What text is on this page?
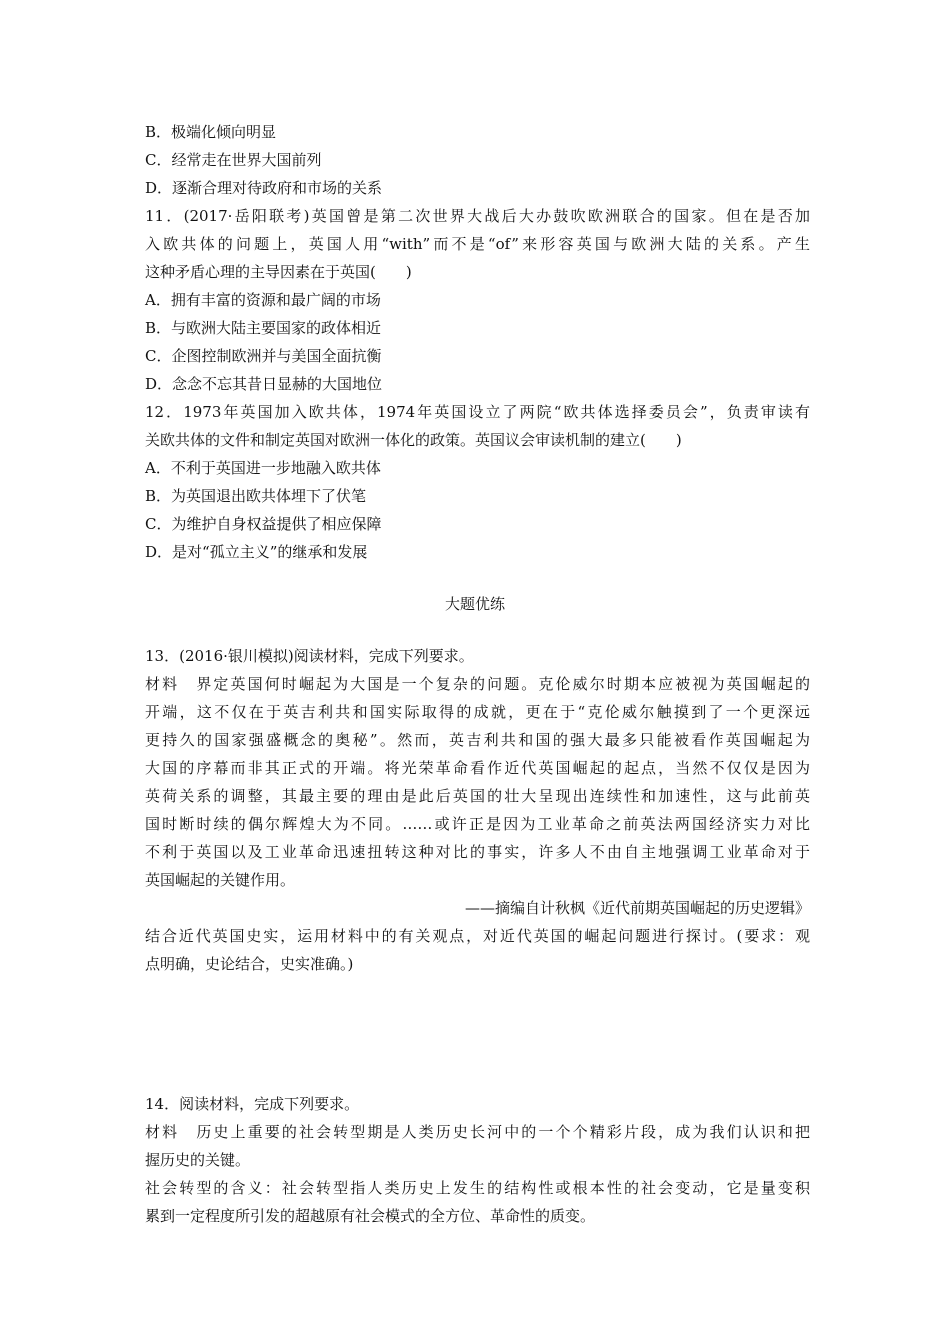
B．极端化倾向明显
C．经常走在世界大国前列
D．逐渐合理对待政府和市场的关系
11．(2017·岳阳联考)英国曾是第二次世界大战后大办鼓吹欧洲联合的国家。但在是否加
入欧共体的问题上，英国人用“with”而不是“of”来形容英国与欧洲大陆的关系。产生
这种矛盾心理的主导因素在于英国(　　)
A．拥有丰富的资源和最广阔的市场
B．与欧洲大陆主要国家的政体相近
C．企图控制欧洲并与美国全面抗衡
D．念念不忘其昔日显赫的大国地位
12．1973年英国加入欧共体，1974年英国设立了两院“欧共体选择委员会”，负责审读有
关欧共体的文件和制定英国对欧洲一体化的政策。英国议会审读机制的建立(　　)
A．不利于英国进一步地融入欧共体
B．为英国退出欧共体埋下了伏笔
C．为维护自身权益提供了相应保障
D．是对“孤立主义”的继承和发展
大题优练
13．(2016·银川模拟)阅读材料，完成下列要求。
材料　界定英国何时崛起为大国是一个复杂的问题。克伦威尔时期本应被视为英国崛起的
开端，这不仅在于英吉利共和国实际取得的成就，更在于“克伦威尔触摸到了一个更深远
更持久的国家强盛概念的奥秘”。然而，英吉利共和国的强大最多只能被看作英国崛起为
大国的序幕而非其正式的开端。将光荣革命看作近代英国崛起的起点，当然不仅仅是因为
英荷关系的调整，其最主要的理由是此后英国的壮大呈现出连续性和加速性，这与此前英
国时断时续的偶尔辉煌大为不同。……或许正是因为工业革命之前英法两国经济实力对比
不利于英国以及工业革命迅速扭转这种对比的事实，许多人不由自主地强调工业革命对于
英国崛起的关键作用。
——摘编自计秋枫《近代前期英国崛起的历史逻辑》
结合近代英国史实，运用材料中的有关观点，对近代英国的崛起问题进行探讨。(要求：观
点明确，史论结合，史实准确。)
14．阅读材料，完成下列要求。
材料　历史上重要的社会转型期是人类历史长河中的一个个精彩片段，成为我们认识和把
握历史的关键。
社会转型的含义：社会转型指人类历史上发生的结构性或根本性的社会变动，它是量变积
累到一定程度所引发的超越原有社会模式的全方位、革命性的质变。
